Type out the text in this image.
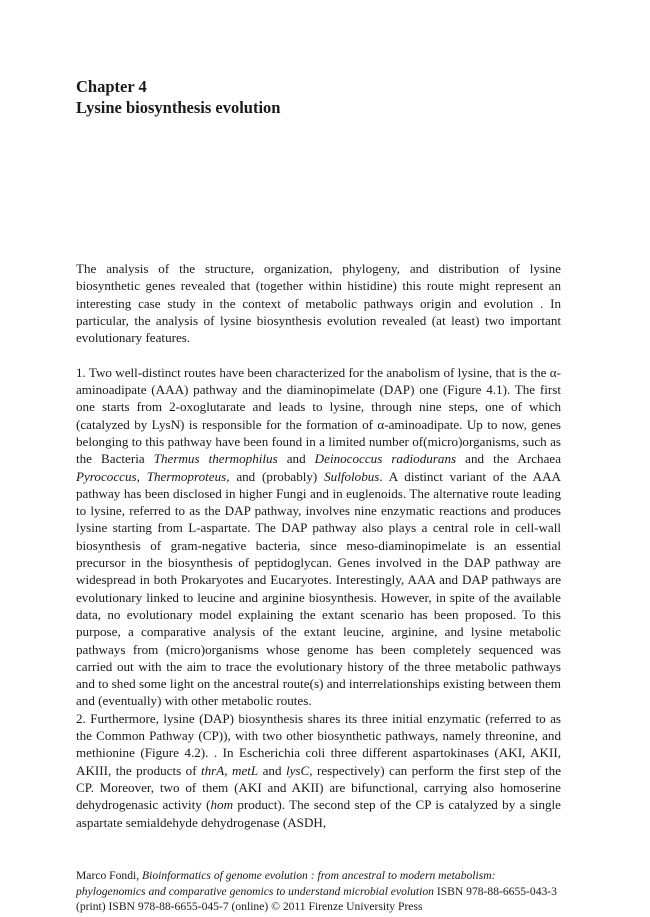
Chapter 4
Lysine biosynthesis evolution

The analysis of the structure, organization, phylogeny, and distribution of lysine biosynthetic genes revealed that (together within histidine) this route might represent an interesting case study in the context of metabolic pathways origin and evolution . In particular, the analysis of lysine biosynthesis evolution revealed (at least) two important evolutionary features.

1. Two well-distinct routes have been characterized for the anabolism of lysine, that is the α-aminoadipate (AAA) pathway and the diaminopimelate (DAP) one (Figure 4.1). The first one starts from 2-oxoglutarate and leads to lysine, through nine steps, one of which (catalyzed by LysN) is responsible for the formation of α-aminoadipate. Up to now, genes belonging to this pathway have been found in a limited number of(micro)organisms, such as the Bacteria Thermus thermophilus and Deinococcus radiodurans and the Archaea Pyrococcus, Thermoproteus, and (probably) Sulfolobus. A distinct variant of the AAA pathway has been disclosed in higher Fungi and in euglenoids. The alternative route leading to lysine, referred to as the DAP pathway, involves nine enzymatic reactions and produces lysine starting from L-aspartate. The DAP pathway also plays a central role in cell-wall biosynthesis of gram-negative bacteria, since meso-diaminopimelate is an essential precursor in the biosynthesis of peptidoglycan. Genes involved in the DAP pathway are widespread in both Prokaryotes and Eucaryotes. Interestingly, AAA and DAP pathways are evolutionary linked to leucine and arginine biosynthesis. However, in spite of the available data, no evolutionary model explaining the extant scenario has been proposed. To this purpose, a comparative analysis of the extant leucine, arginine, and lysine metabolic pathways from (micro)organisms whose genome has been completely sequenced was carried out with the aim to trace the evolutionary history of the three metabolic pathways and to shed some light on the ancestral route(s) and interrelationships existing between them and (eventually) with other metabolic routes.

2. Furthermore, lysine (DAP) biosynthesis shares its three initial enzymatic (referred to as the Common Pathway (CP)), with two other biosynthetic pathways, namely threonine, and methionine (Figure 4.2). . In Escherichia coli three different aspartokinases (AKI, AKII, AKIII, the products of thrA, metL and lysC, respectively) can perform the first step of the CP. Moreover, two of them (AKI and AKII) are bifunctional, carrying also homoserine dehydrogenasic activity (hom product). The second step of the CP is catalyzed by a single aspartate semialdehyde dehydrogenase (ASDH,

Marco Fondi, Bioinformatics of genome evolution : from ancestral to modern metabolism: phylogenomics and comparative genomics to understand microbial evolution ISBN 978-88-6655-043-3 (print) ISBN 978-88-6655-045-7 (online) © 2011 Firenze University Press
